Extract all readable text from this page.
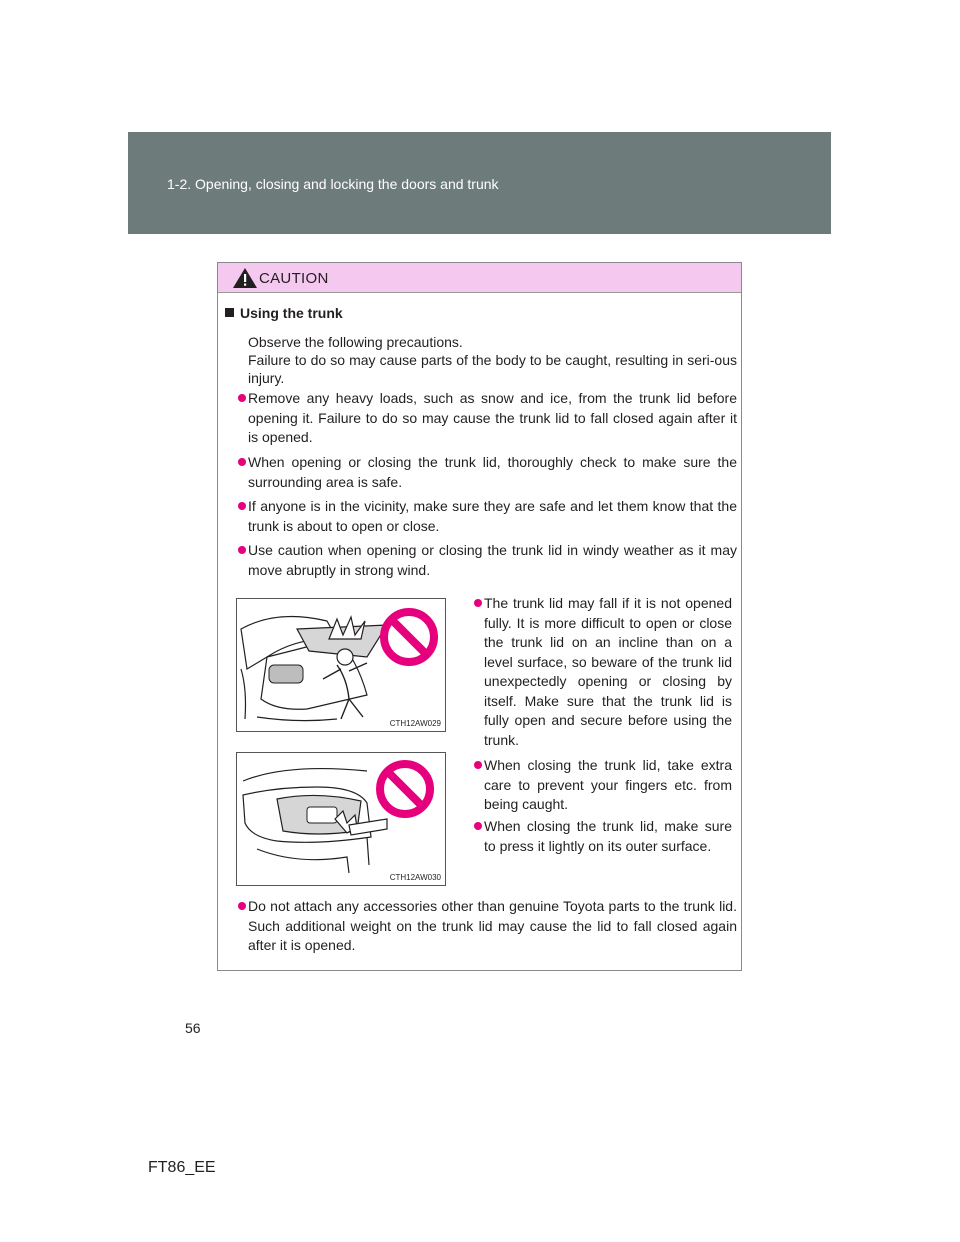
1-2. Opening, closing and locking the doors and trunk
CAUTION
Using the trunk

Observe the following precautions.

Failure to do so may cause parts of the body to be caught, resulting in seri-ous injury.

Remove any heavy loads, such as snow and ice, from the trunk lid before opening it. Failure to do so may cause the trunk lid to fall closed again after it is opened.
When opening or closing the trunk lid, thoroughly check to make sure the surrounding area is safe.
If anyone is in the vicinity, make sure they are safe and let them know that the trunk is about to open or close.
Use caution when opening or closing the trunk lid in windy weather as it may move abruptly in strong wind.
CTH12AW029
CTH12AW030
The trunk lid may fall if it is not opened fully. It is more difficult to open or close the trunk lid on an incline than on a level surface, so beware of the trunk lid unexpectedly opening or closing by itself. Make sure that the trunk lid is fully open and secure before using the trunk.
When closing the trunk lid, take extra care to prevent your fingers etc. from being caught.
When closing the trunk lid, make sure to press it lightly on its outer surface.
Do not attach any accessories other than genuine Toyota parts to the trunk lid. Such additional weight on the trunk lid may cause the lid to fall closed again after it is opened.
56
FT86_EE
